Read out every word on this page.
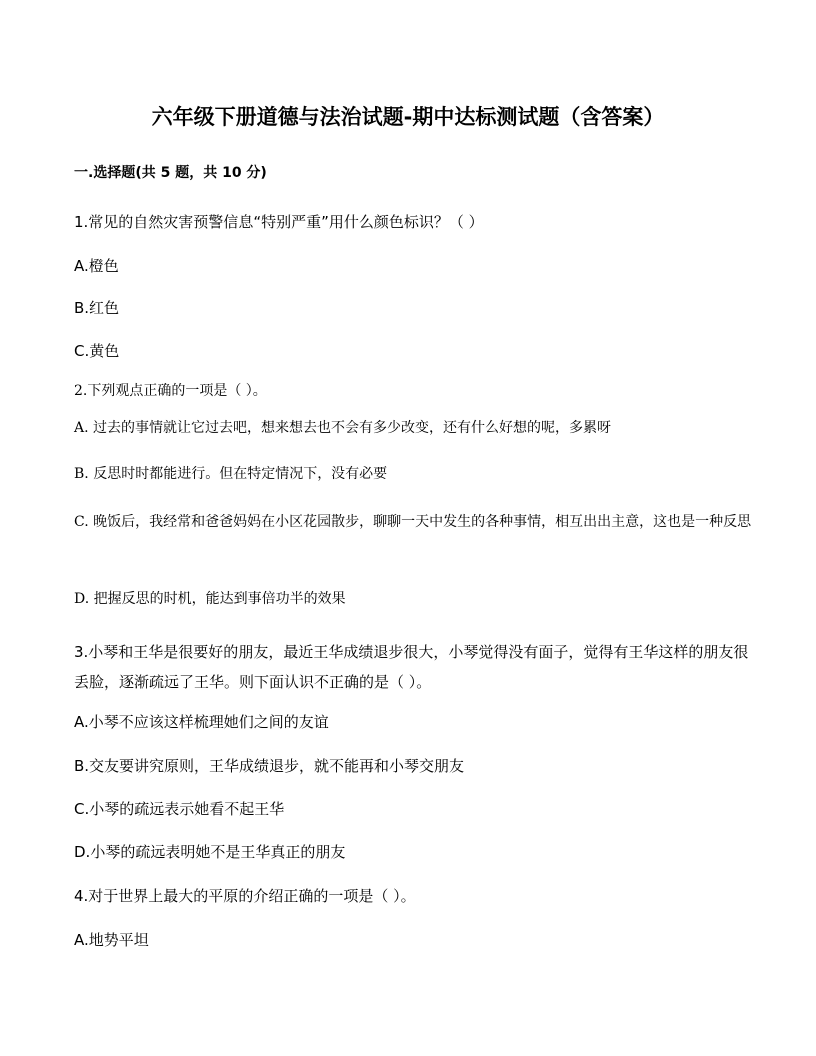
六年级下册道德与法治试题-期中达标测试题（含答案）
一.选择题(共 5 题，共 10 分)
1.常见的自然灾害预警信息“特别严重”用什么颜色标识？（ ）
A.橙色
B.红色
C.黄色
2.下列观点正确的一项是（ ）。
A. 过去的事情就让它过去吧，想来想去也不会有多少改变，还有什么好想的呢，多累呀
B. 反思时时都能进行。但在特定情况下，没有必要
C. 晚饭后，我经常和爸爸妈妈在小区花园散步，聊聊一天中发生的各种事情，相互出出主意，这也是一种反思
D. 把握反思的时机，能达到事倍功半的效果
3.小琴和王华是很要好的朋友，最近王华成绩退步很大，小琴觉得没有面子，觉得有王华这样的朋友很丢脸，逐渐疏远了王华。则下面认识不正确的是（ ）。
A.小琴不应该这样梳理她们之间的友谊
B.交友要讲究原则，王华成绩退步，就不能再和小琴交朋友
C.小琴的疏远表示她看不起王华
D.小琴的疏远表明她不是王华真正的朋友
4.对于世界上最大的平原的介绍正确的一项是（ ）。
A.地势平坦
